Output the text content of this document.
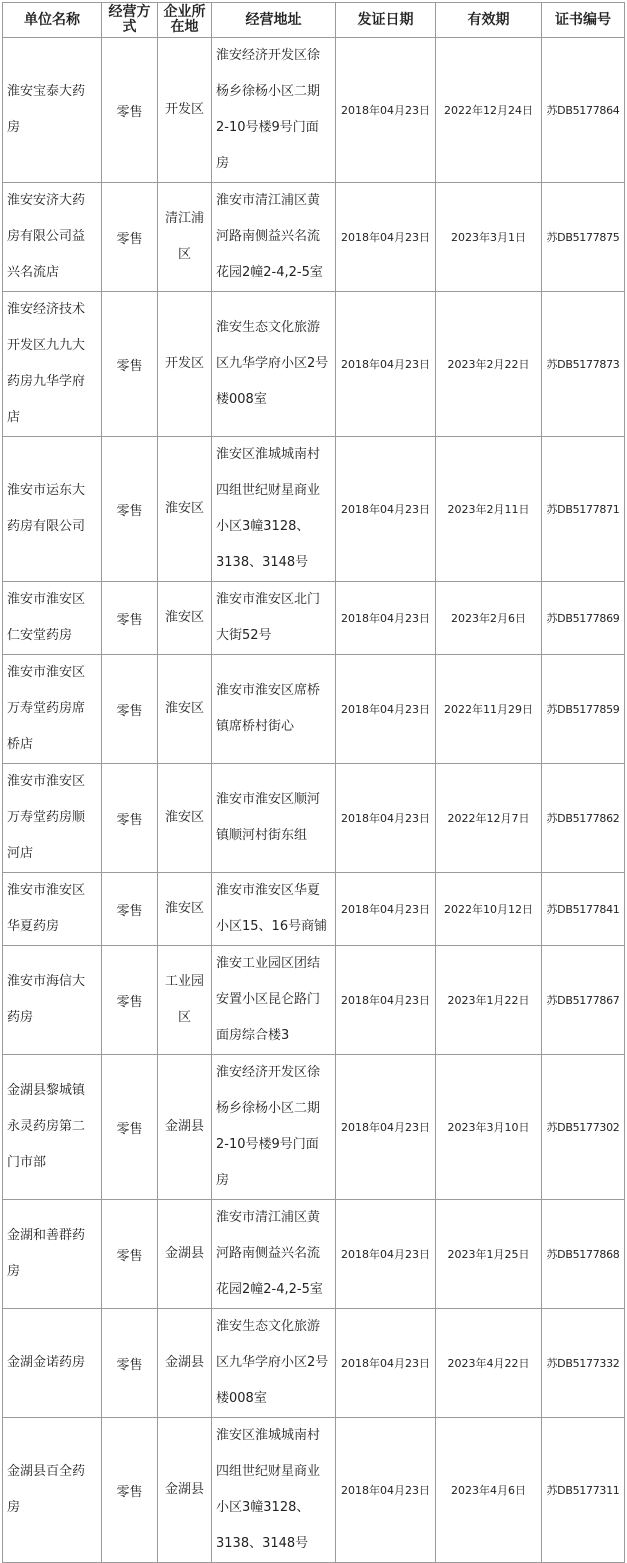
单位名称	经营方式	企业所在地	经营地址	发证日期	有效期	证书编号
淮安宝泰大药房	零售	开发区	淮安经济开发区徐杨乡徐杨小区二期2-10号楼9号门面房	2018年04月23日	2022年12月24日	苏DB5177864
淮安安济大药房有限公司益兴名流店	零售	清江浦区	淮安市清江浦区黄河路南侧益兴名流花园2幢2-4,2-5室	2018年04月23日	2023年3月1日	苏DB5177875
淮安经济技术开发区九九大药房九华学府店	零售	开发区	淮安生态文化旅游区九华学府小区2号楼008室	2018年04月23日	2023年2月22日	苏DB5177873
淮安市运东大药房有限公司	零售	淮安区	淮安区淮城城南村四组世纪财星商业小区3幢3128、3138、3148号	2018年04月23日	2023年2月11日	苏DB5177871
淮安市淮安区仁安堂药房	零售	淮安区	淮安市淮安区北门大街52号	2018年04月23日	2023年2月6日	苏DB5177869
淮安市淮安区万寿堂药房席桥店	零售	淮安区	淮安市淮安区席桥镇席桥村街心	2018年04月23日	2022年11月29日	苏DB5177859
淮安市淮安区万寿堂药房顺河店	零售	淮安区	淮安市淮安区顺河镇顺河村街东组	2018年04月23日	2022年12月7日	苏DB5177862
淮安市淮安区华夏药房	零售	淮安区	淮安市淮安区华夏小区15、16号商铺	2018年04月23日	2022年10月12日	苏DB5177841
淮安市海信大药房	零售	工业园区	淮安工业园区团结安置小区昆仑路门面房综合楼3	2018年04月23日	2023年1月22日	苏DB5177867
金湖县黎城镇永灵药房第二门市部	零售	金湖县	淮安经济开发区徐杨乡徐杨小区二期2-10号楼9号门面房	2018年04月23日	2023年3月10日	苏DB5177302
金湖和善群药房	零售	金湖县	淮安市清江浦区黄河路南侧益兴名流花园2幢2-4,2-5室	2018年04月23日	2023年1月25日	苏DB5177868
金湖金诺药房	零售	金湖县	淮安生态文化旅游区九华学府小区2号楼008室	2018年04月23日	2023年4月22日	苏DB5177332
金湖县百全药房	零售	金湖县	淮安区淮城城南村四组世纪财星商业小区3幢3128、3138、3148号	2018年04月23日	2023年4月6日	苏DB5177311
